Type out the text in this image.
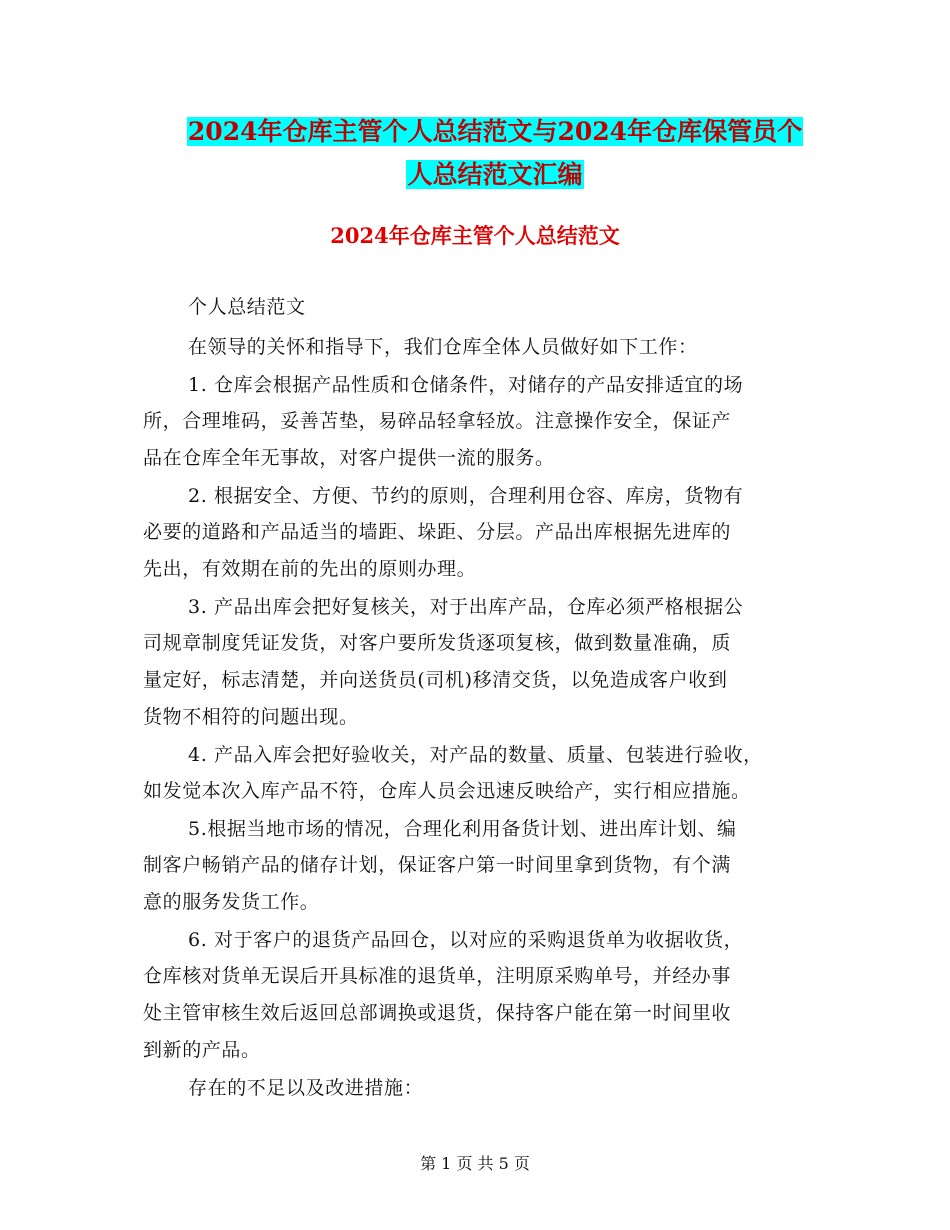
2024年仓库主管个人总结范文与2024年仓库保管员个
人总结范文汇编
2024年仓库主管个人总结范文
个人总结范文
在领导的关怀和指导下，我们仓库全体人员做好如下工作：
1. 仓库会根据产品性质和仓储条件，对储存的产品安排适宜的场
所，合理堆码，妥善苫垫，易碎品轻拿轻放。注意操作安全，保证产
品在仓库全年无事故，对客户提供一流的服务。
2. 根据安全、方便、节约的原则，合理利用仓容、库房，货物有
必要的道路和产品适当的墙距、垛距、分层。产品出库根据先进库的
先出，有效期在前的先出的原则办理。
3. 产品出库会把好复核关，对于出库产品，仓库必须严格根据公
司规章制度凭证发货，对客户要所发货逐项复核，做到数量准确，质
量定好，标志清楚，并向送货员(司机)移清交货，以免造成客户收到
货物不相符的问题出现。
4. 产品入库会把好验收关，对产品的数量、质量、包装进行验收，
如发觉本次入库产品不符，仓库人员会迅速反映给产，实行相应措施。
5.根据当地市场的情况，合理化利用备货计划、进出库计划、编
制客户畅销产品的储存计划，保证客户第一时间里拿到货物，有个满
意的服务发货工作。
6. 对于客户的退货产品回仓，以对应的采购退货单为收据收货，
仓库核对货单无误后开具标准的退货单，注明原采购单号，并经办事
处主管审核生效后返回总部调换或退货，保持客户能在第一时间里收
到新的产品。
存在的不足以及改进措施：
第 1 页 共 5 页
